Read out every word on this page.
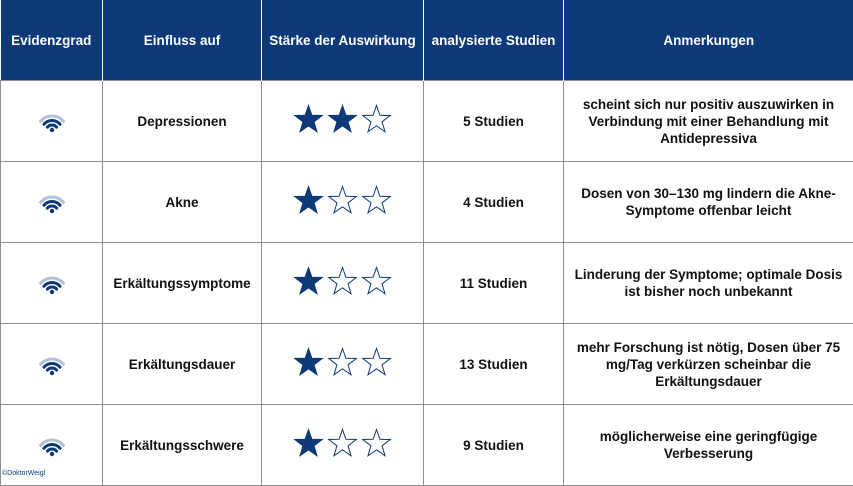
Evidenzgrad	Einfluss auf	Stärke der Auswirkung	analysierte Studien	Anmerkungen
	Depressionen		5 Studien	scheint sich nur positiv auszuwirken in Verbindung mit einer Behandlung mit Antidepressiva
	Akne		4 Studien	Dosen von 30–130 mg lindern die Akne-Symptome offenbar leicht
	Erkältungssymptome		11 Studien	Linderung der Symptome; optimale Dosis ist bisher noch unbekannt
	Erkältungsdauer		13 Studien	mehr Forschung ist nötig, Dosen über 75 mg/Tag verkürzen scheinbar die Erkältungsdauer
	Erkältungsschwere		9 Studien	möglicherweise eine geringfügige Verbesserung
©DoktorWeigl
